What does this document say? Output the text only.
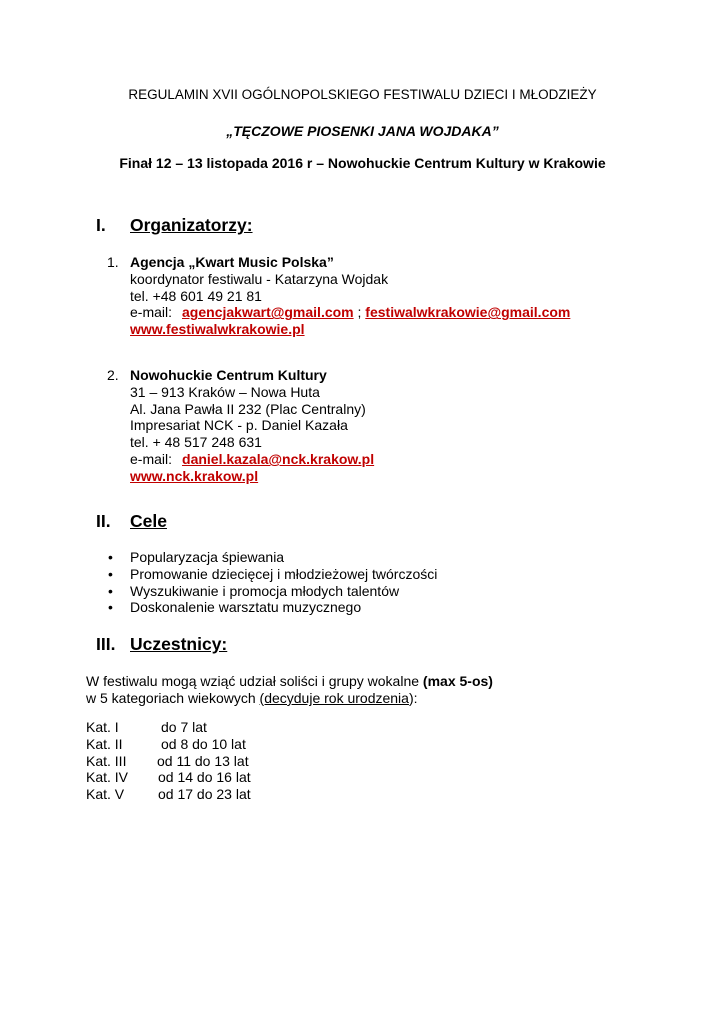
REGULAMIN XVII OGÓLNOPOLSKIEGO FESTIWALU DZIECI I MŁODZIEŻY
„TĘCZOWE PIOSENKI JANA WOJDAKA”
Finał 12 – 13 listopada 2016 r – Nowohuckie Centrum Kultury w Krakowie
I. Organizatorzy:
1. Agencja „Kwart Music Polska”
koordynator festiwalu - Katarzyna Wojdak
tel. +48 601 49 21 81
e-mail: agencjakwart@gmail.com ; festiwalwkrakowie@gmail.com
www.festiwalwkrakowie.pl
2. Nowohuckie Centrum Kultury
31 – 913 Kraków – Nowa Huta
Al. Jana Pawła II 232 (Plac Centralny)
Impresariat NCK - p. Daniel Kazała
tel. + 48 517 248 631
e-mail: daniel.kazala@nck.krakow.pl
www.nck.krakow.pl
II. Cele
• Popularyzacja śpiewania
• Promowanie dziecięcej i młodzieżowej twórczości
• Wyszukiwanie i promocja młodych talentów
• Doskonalenie warsztatu muzycznego
III. Uczestnicy:
W festiwalu mogą wziąć udział soliści i grupy wokalne (max 5-os)
w 5 kategoriach wiekowych (decyduje rok urodzenia):
Kat. I	do 7 lat
Kat. II	od 8 do 10 lat
Kat. III od 11 do 13 lat
Kat. IV od 14 do 16 lat
Kat. V od 17 do 23 lat
